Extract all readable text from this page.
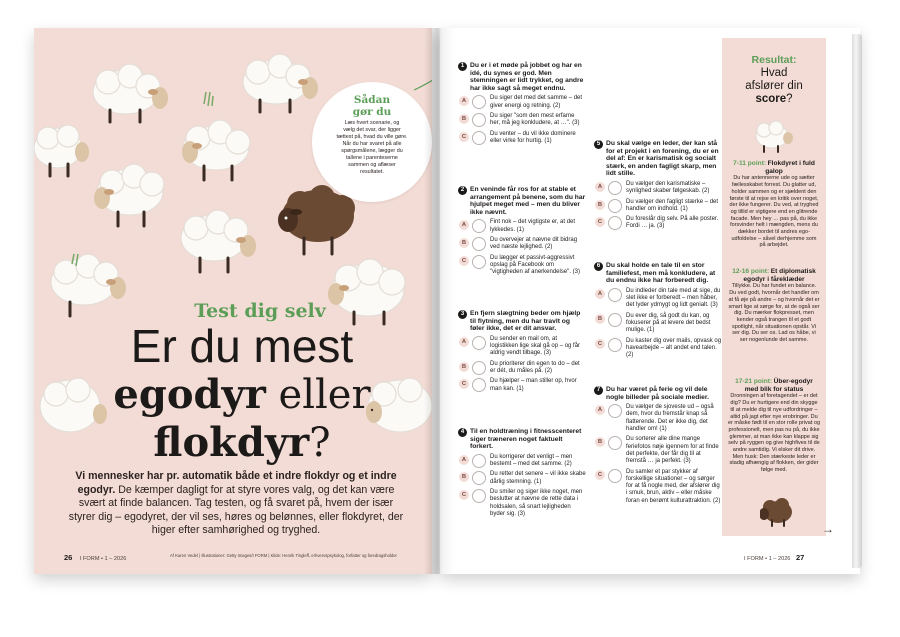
Sådan
gør du
Læs hvert scenarie, og
vælg det svar, der ligger
tættest på, hvad du ville gøre.
Når du har svaret på alle
spørgsmålene, lægger du
tallene i parenteserne
sammen og aflæser
resultatet.
Test dig selv
Er du mest
egodyr eller
flokdyr?
Vi mennesker har pr. automatik både et indre flokdyr og et indre egodyr. De kæmper dagligt for at styre vores valg, og det kan være svært at finde balancen. Tag testen, og få svaret på, hvem der især styrer dig – egodyret, der vil ses, høres og belønnes, eller flokdyret, der higer efter samhørighed og tryghed.
26 I FORM • 1 – 2026
Af Karen Vedel | Illustrationer: Getty Images/I FORM | Kilde: Henrik Tingleff, erhvervspsykolog, forfatter og foredragsholder
1 Du er i et møde på jobbet og har en idé, du synes er god. Men stemningen er lidt trykket, og andre har ikke sagt så meget endnu.
A	Du siger det med det samme – det giver energi og retning. (2)
B	Du siger "som den mest erfarne her, må jeg konkludere, at …". (3)
C	Du venter – du vil ikke dominere eller virke for hurtig. (1)
2 En veninde får ros for at stable et arrangement på benene, som du har hjulpet meget med – men du bliver ikke nævnt.
A	Fint nok – det vigtigste er, at det lykkedes. (1)
B	Du overvejer at nævne dit bidrag ved næste lejlighed. (2)
C	Du lægger et passivt-aggressivt opslag på Facebook om "vigtigheden af anerkendelse". (3)
3 En fjern slægtning beder om hjælp til flytning, men du har travlt og føler ikke, det er dit ansvar.
A	Du sender en mail om, at logistikken lige skal gå op – og får aldrig vendt tilbage. (3)
B	Du prioriterer din egen to do – det er dét, du måles på. (2)
C	Du hjælper – man stiller op, hvor man kan. (1)
4 Til en holdtræning i fitnesscenteret siger træneren noget faktuelt forkert.
A	Du korrigerer det venligt – men bestemt – med det samme. (2)
B	Du retter det senere – vil ikke skabe dårlig stemning. (1)
C	Du smiler og siger ikke noget, men beslutter at nævne de rette data i holdsalen, så snart lejligheden byder sig. (3)
5 Du skal vælge en leder, der kan stå for et projekt i en forening, du er en del af: En er karismatisk og socialt stærk, en anden fagligt skarp, men lidt stille.
A	Du vælger den karismatiske – synlighed skaber følgeskab. (2)
B	Du vælger den fagligt stærke – det handler om indhold. (1)
C	Du foreslår dig selv. På alle poster. Fordi … ja. (3)
6 Du skal holde en tale til en stor familiefest, men må konkludere, at du endnu ikke har forberedt dig.
A	Du indleder din tale med at sige, du slet ikke er forberedt – men håber, det lyder ydmygt og lidt genialt. (3)
B	Du ever dig, så godt du kan, og fokuserer på at levere det bedst mulige. (1)
C	Du kaster dig over mails, opvask og havearbejde – alt andet end talen. (2)
7 Du har været på ferie og vil dele nogle billeder på sociale medier.
A	Du vælger de sjoveste ud – også dem, hvor du fremstår knap så flatterende. Det er ikke dig, det handler om! (1)
B	Du sorterer alle dine mange feriefotos nøje igennem for at finde det perfekte, der får dig til at fremstå … ja perfekt. (3)
C	Du samler et par stykker af forskellige situationer – og sørger for at få nogle med, der afslører dig i smuk, brun, aktiv – eller måske foran en berømt kulturattraktion. (2)
Resultat:
Hvad
afslører din
score?
7-11 point: Flokdyret i fuld galop
Du har antennerne ude og sætter fællesskabet forrest. Du glatter ud, holder sammen og er sjældent den første til at rejse en kritik over noget, der ikke fungerer. Du ved, at tryghed og tillid er vigtigere end en glitrende facade. Men hey … pas på, du ikke forsvinder helt i mængden, mens du dækker bordet til andres ego-udfoldelse – såvel derhjemme som på arbejdet.
12-16 point: Et diplomatisk egodyr i fåreklæder
Tillykke. Du har fundet en balance. Du ved godt, hvornår det handler om at få øje på andre – og hvornår det er smart lige at sørge for, at de også ser dig. Du mærker flokpresset, men kender også trangen til et godt spotlight, når situationen opstår. Vi ser dig. Du ser os. Lad os håbe, vi ser nogenlunde det samme.
17-21 point: Über-egodyr med blik for status
Dronningen af foretagendet – er det dig? Du er hurtigere end din skygge til at melde dig til nye udfordringer – altid på jagt efter nye erobringer. Du er måske født til en stor rolle privat og professionelt, men pas nu på, du ikke glemmer, at man ikke kan klappe sig selv på ryggen og give highfives til de andre samtidig. Vi elsker dit drive. Men husk: Den stærkeste leder er stadig afhængig af flokken, der gider følge med.
→
I FORM • 1 – 2026 27
